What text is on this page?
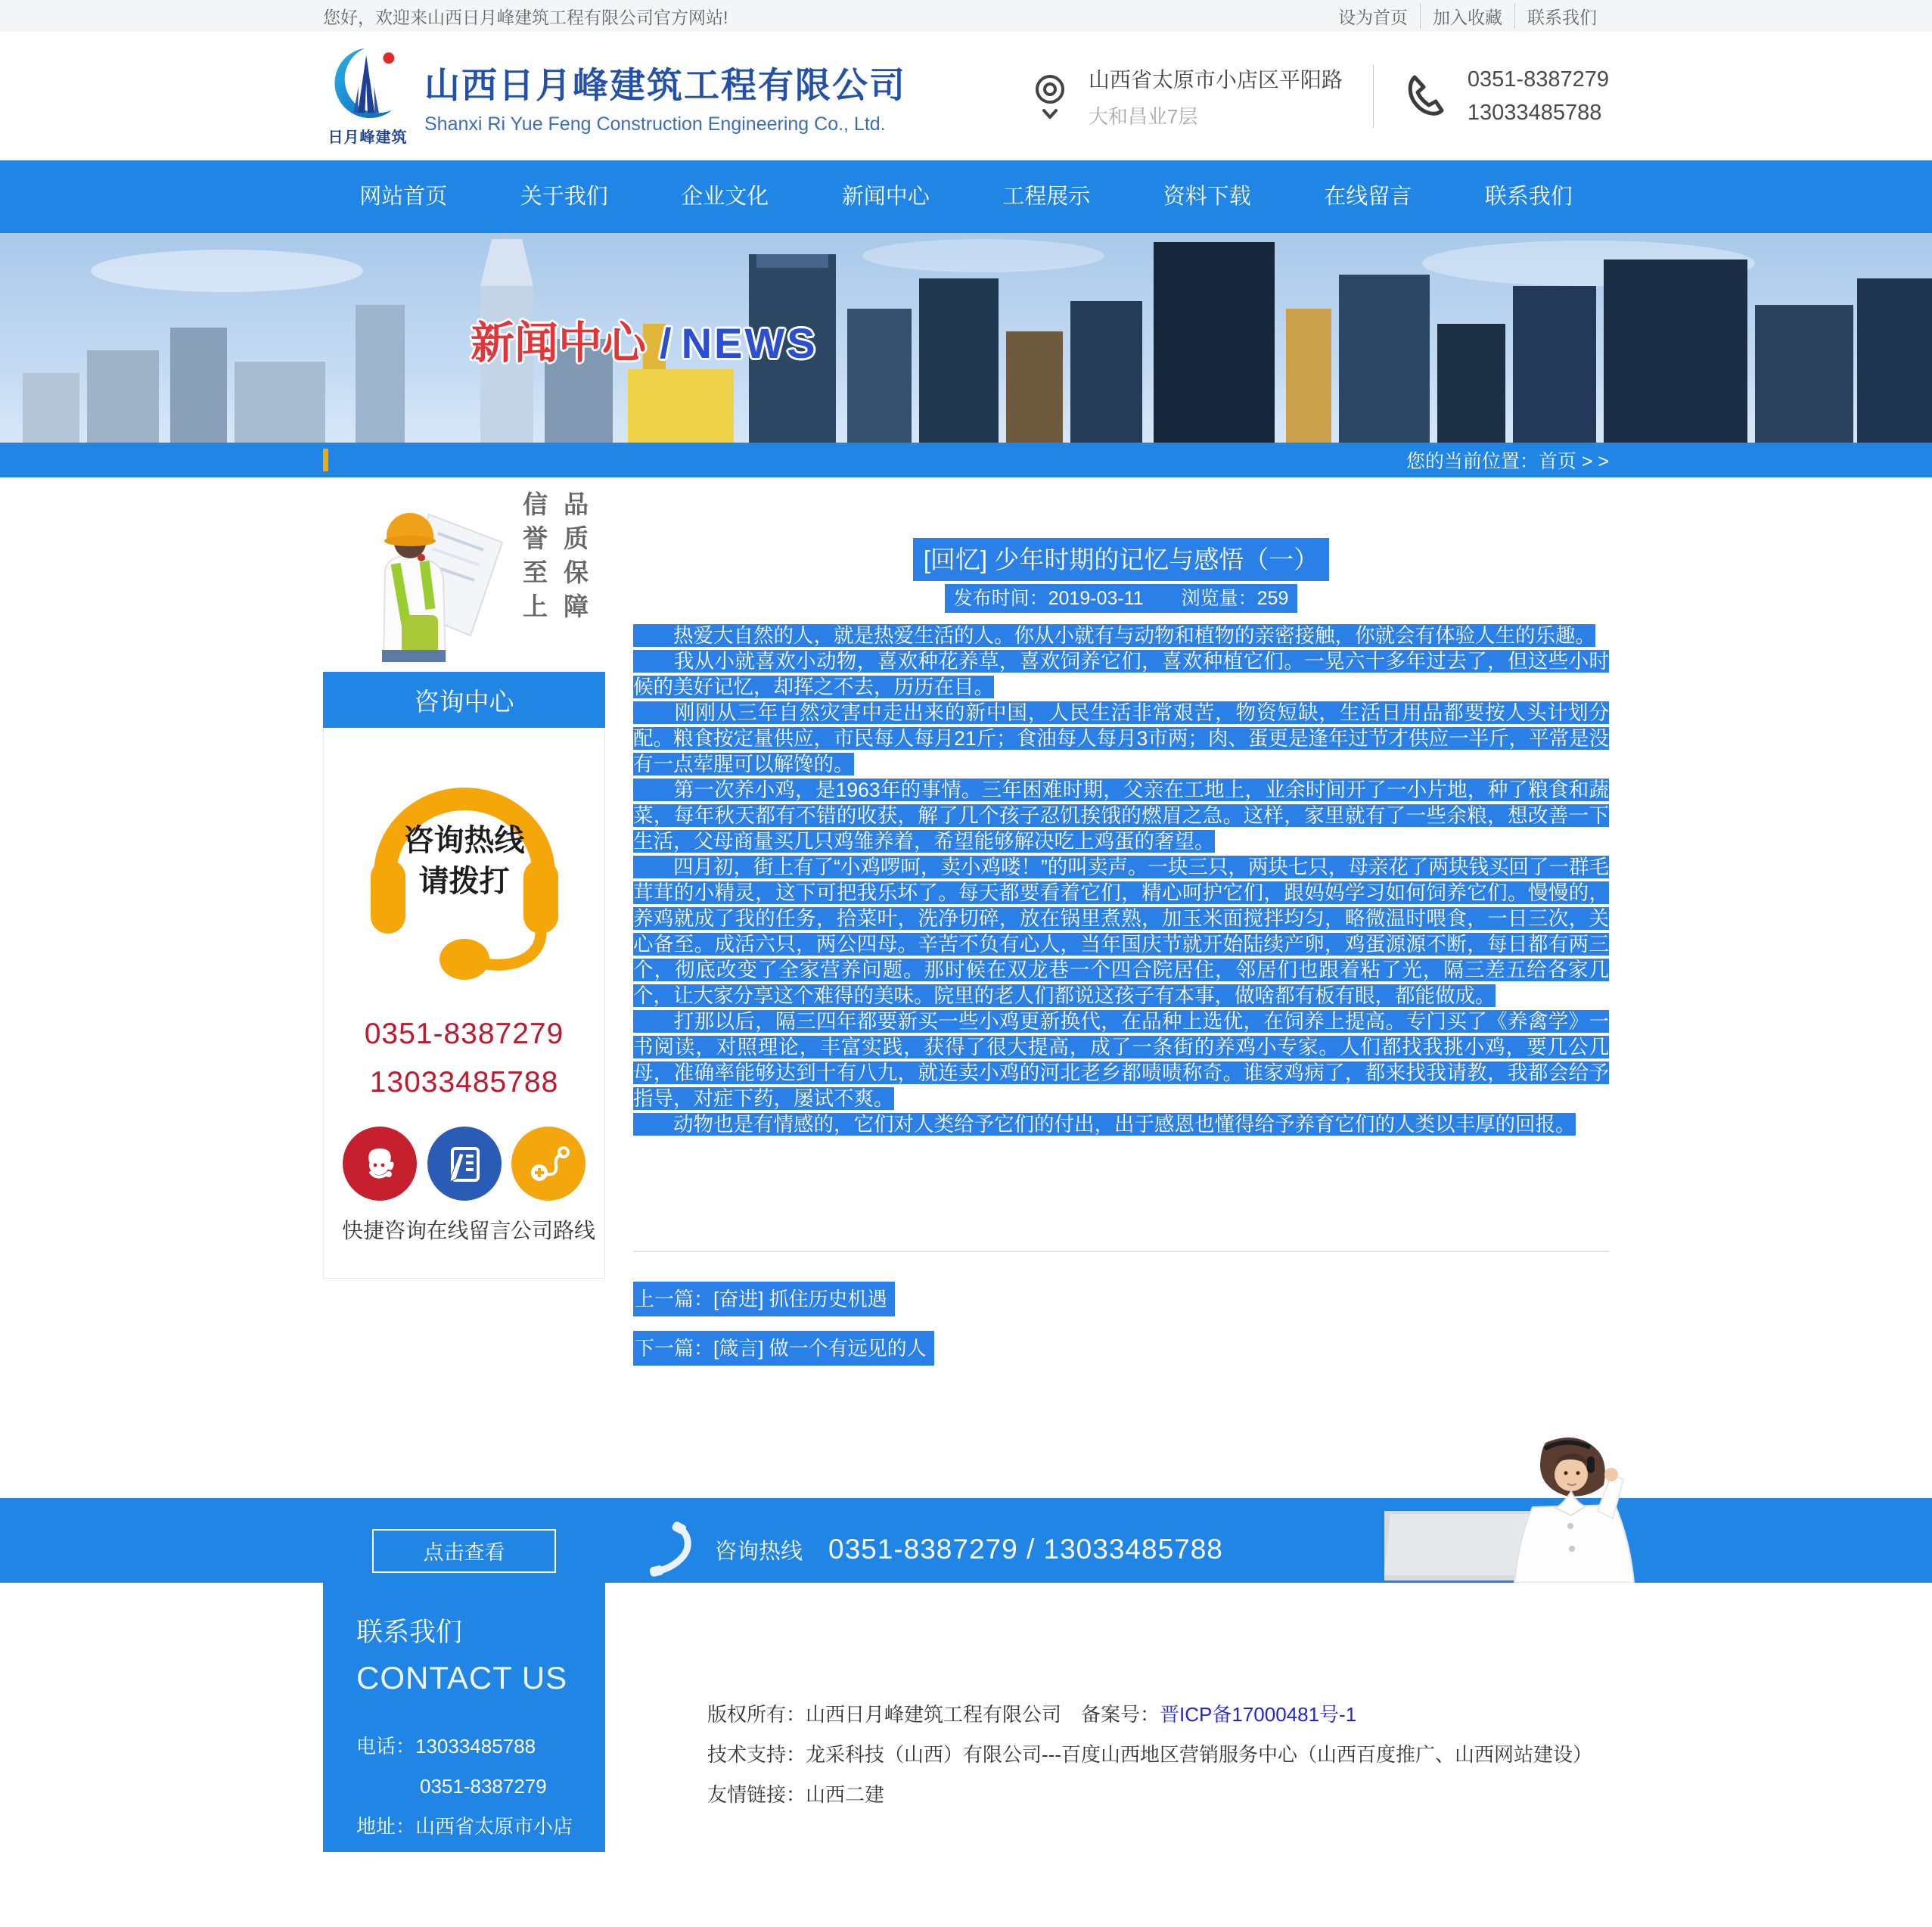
您好，欢迎来山西日月峰建筑工程有限公司官方网站!	设为首页	加入收藏	联系我们
日月峰建筑
山西日月峰建筑工程有限公司
Shanxi Ri Yue Feng Construction Engineering Co., Ltd.
山西省太原市小店区平阳路
大和昌业7层
0351-8387279
13033485788
网站首页	关于我们	企业文化	新闻中心	工程展示	资料下载	在线留言	联系我们
新闻中心 / NEWS
您的当前位置：首页 > >
品质保障
信誉至上
咨询中心
咨询热线
请拨打
0351-8387279
13033485788
快捷咨询 在线留言 公司路线
[回忆] 少年时期的记忆与感悟（一）
发布时间：2019-03-11　　浏览量：259

　　热爱大自然的人，就是热爱生活的人。你从小就有与动物和植物的亲密接触，你就会有体验人生的乐趣。

　　我从小就喜欢小动物，喜欢种花养草，喜欢饲养它们，喜欢种植它们。一晃六十多年过去了，但这些小时候的美好记忆，却挥之不去，历历在目。

　　刚刚从三年自然灾害中走出来的新中国，人民生活非常艰苦，物资短缺，生活日用品都要按人头计划分配。粮食按定量供应，市民每人每月21斤；食油每人每月3市两；肉、蛋更是逢年过节才供应一半斤，平常是没有一点荤腥可以解馋的。

　　第一次养小鸡，是1963年的事情。三年困难时期，父亲在工地上，业余时间开了一小片地，种了粮食和蔬菜，每年秋天都有不错的收获，解了几个孩子忍饥挨饿的燃眉之急。这样，家里就有了一些余粮，想改善一下生活，父母商量买几只鸡雏养着，希望能够解决吃上鸡蛋的奢望。

　　四月初，街上有了“小鸡啰呵，卖小鸡喽！”的叫卖声。一块三只，两块七只，母亲花了两块钱买回了一群毛茸茸的小精灵，这下可把我乐坏了。每天都要看着它们，精心呵护它们，跟妈妈学习如何饲养它们。慢慢的，养鸡就成了我的任务，拾菜叶，洗净切碎，放在锅里煮熟，加玉米面搅拌均匀，略微温时喂食，一日三次，关心备至。成活六只，两公四母。辛苦不负有心人，当年国庆节就开始陆续产卵，鸡蛋源源不断，每日都有两三个，彻底改变了全家营养问题。那时候在双龙巷一个四合院居住，邻居们也跟着粘了光，隔三差五给各家几个，让大家分享这个难得的美味。院里的老人们都说这孩子有本事，做啥都有板有眼，都能做成。

　　打那以后，隔三四年都要新买一些小鸡更新换代，在品种上选优，在饲养上提高。专门买了《养禽学》一书阅读，对照理论，丰富实践，获得了很大提高，成了一条街的养鸡小专家。人们都找我挑小鸡，要几公几母，准确率能够达到十有八九，就连卖小鸡的河北老乡都啧啧称奇。谁家鸡病了，都来找我请教，我都会给予指导，对症下药，屡试不爽。

　　动物也是有情感的，它们对人类给予它们的付出，出于感恩也懂得给予养育它们的人类以丰厚的回报。

上一篇：[奋进] 抓住历史机遇

下一篇：[箴言] 做一个有远见的人

点击查看	咨询热线 0351-8387279 / 13033485788
联系我们
CONTACT US
电话：13033485788
0351-8387279
地址：山西省太原市小店区
平阳路大和昌业7层

版权所有：山西日月峰建筑工程有限公司　备案号：晋ICP备17000481号-1

技术支持：龙采科技（山西）有限公司---百度山西地区营销服务中心（山西百度推广、山西网站建设）

友情链接：山西二建
